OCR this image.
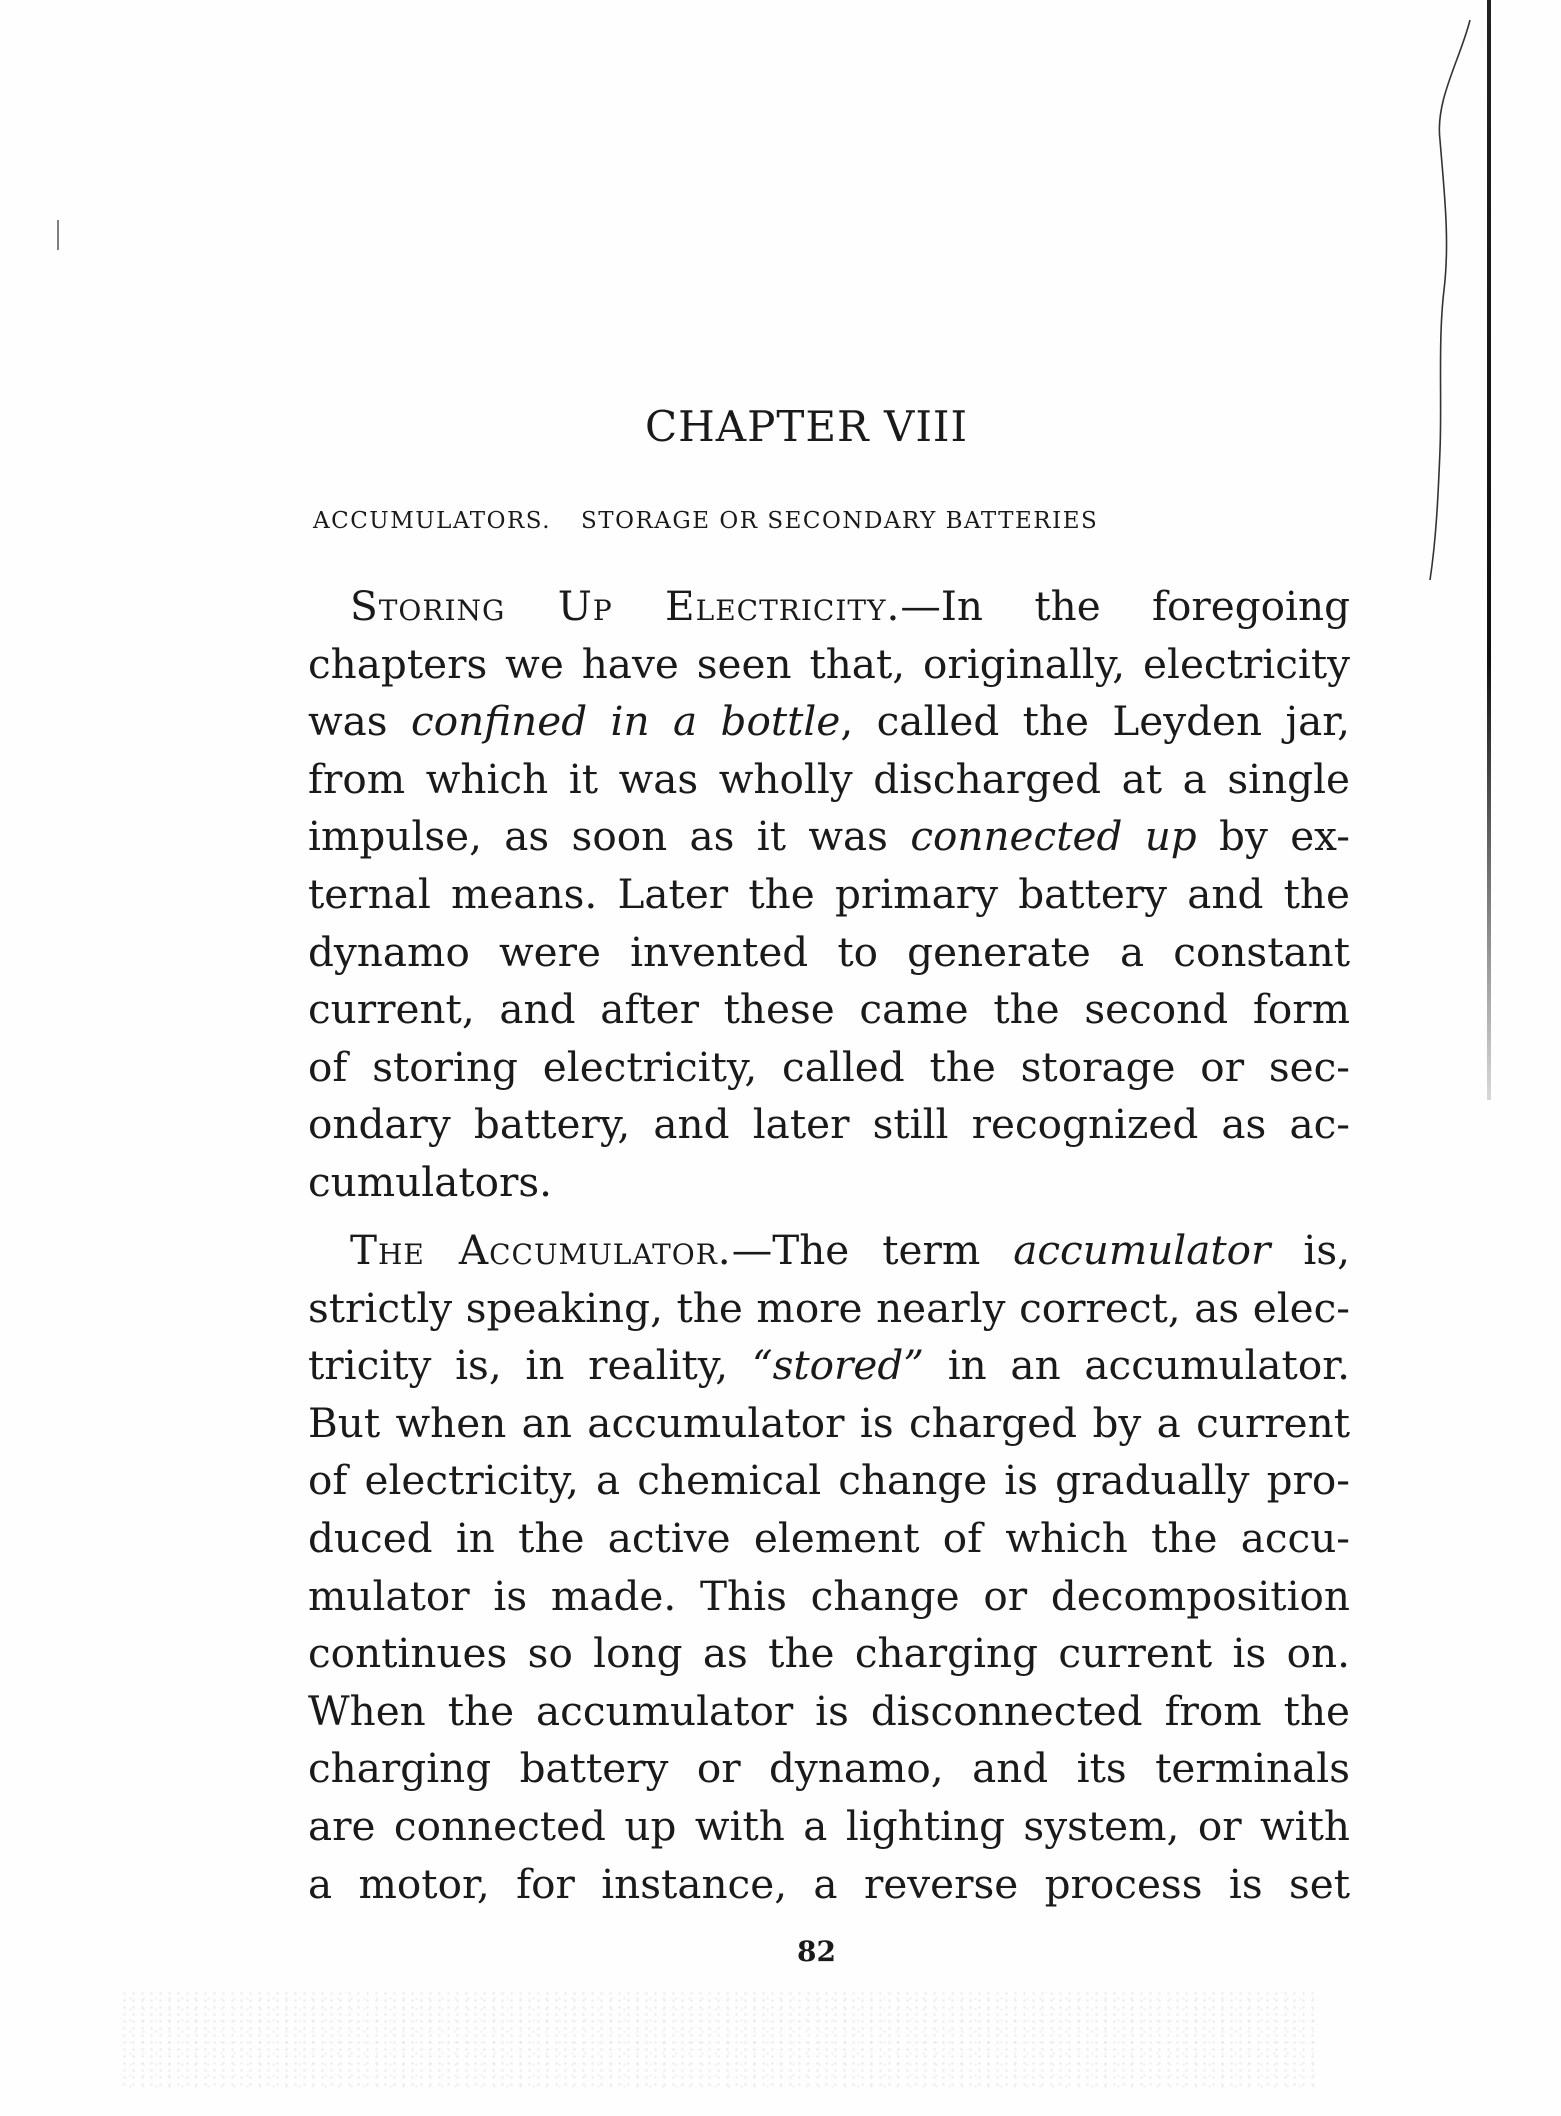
CHAPTER VIII
ACCUMULATORS. STORAGE OR SECONDARY BATTERIES
Storing Up Electricity.—In the foregoing
chapters we have seen that, originally, electricity
was confined in a bottle, called the Leyden jar,
from which it was wholly discharged at a single
impulse, as soon as it was connected up by ex-
ternal means. Later the primary battery and the
dynamo were invented to generate a constant
current, and after these came the second form
of storing electricity, called the storage or sec-
ondary battery, and later still recognized as ac-
cumulators.
The Accumulator.—The term accumulator is,
strictly speaking, the more nearly correct, as elec-
tricity is, in reality, “stored” in an accumulator.
But when an accumulator is charged by a current
of electricity, a chemical change is gradually pro-
duced in the active element of which the accu-
mulator is made. This change or decomposition
continues so long as the charging current is on.
When the accumulator is disconnected from the
charging battery or dynamo, and its terminals
are connected up with a lighting system, or with
a motor, for instance, a reverse process is set
82
